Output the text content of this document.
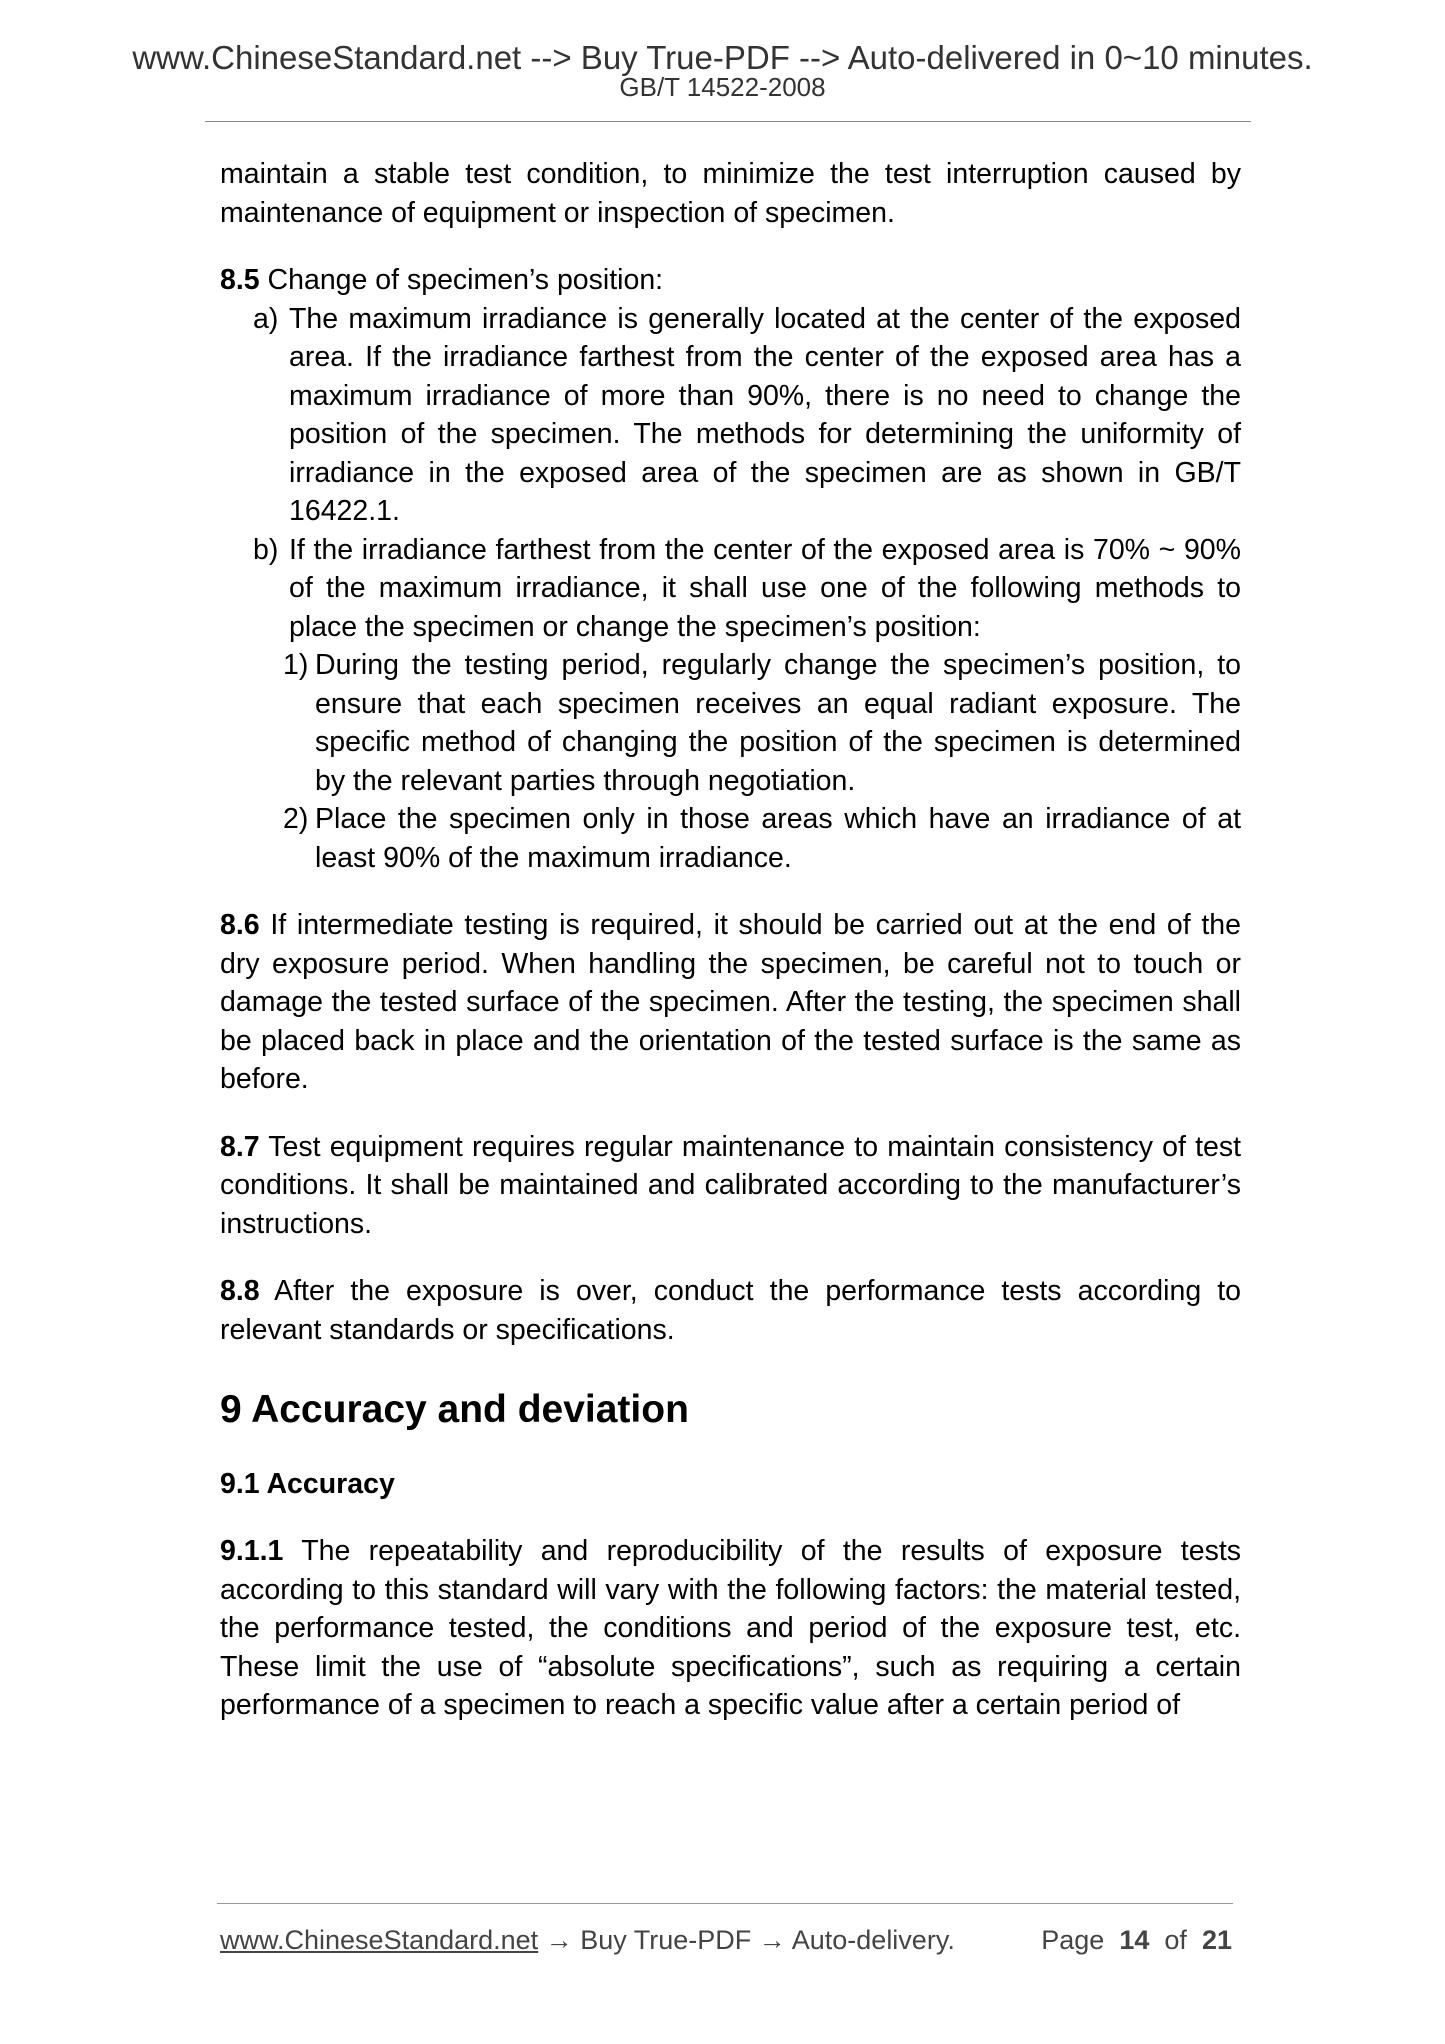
www.ChineseStandard.net --> Buy True-PDF --> Auto-delivered in 0~10 minutes.
GB/T 14522-2008

maintain a stable test condition, to minimize the test interruption caused by maintenance of equipment or inspection of specimen.

8.5 Change of specimen’s position:

a) The maximum irradiance is generally located at the center of the exposed area. If the irradiance farthest from the center of the exposed area has a maximum irradiance of more than 90%, there is no need to change the position of the specimen. The methods for determining the uniformity of irradiance in the exposed area of the specimen are as shown in GB/T 16422.1.

b) If the irradiance farthest from the center of the exposed area is 70% ~ 90% of the maximum irradiance, it shall use one of the following methods to place the specimen or change the specimen’s position:

1) During the testing period, regularly change the specimen’s position, to ensure that each specimen receives an equal radiant exposure. The specific method of changing the position of the specimen is determined by the relevant parties through negotiation.

2) Place the specimen only in those areas which have an irradiance of at least 90% of the maximum irradiance.

8.6 If intermediate testing is required, it should be carried out at the end of the dry exposure period. When handling the specimen, be careful not to touch or damage the tested surface of the specimen. After the testing, the specimen shall be placed back in place and the orientation of the tested surface is the same as before.

8.7 Test equipment requires regular maintenance to maintain consistency of test conditions. It shall be maintained and calibrated according to the manufacturer’s instructions.

8.8 After the exposure is over, conduct the performance tests according to relevant standards or specifications.

9 Accuracy and deviation
9.1 Accuracy

9.1.1 The repeatability and reproducibility of the results of exposure tests according to this standard will vary with the following factors: the material tested, the performance tested, the conditions and period of the exposure test, etc. These limit the use of “absolute specifications”, such as requiring a certain performance of a specimen to reach a specific value after a certain period of

www.ChineseStandard.net → Buy True-PDF → Auto-delivery.	Page 14 of 21
